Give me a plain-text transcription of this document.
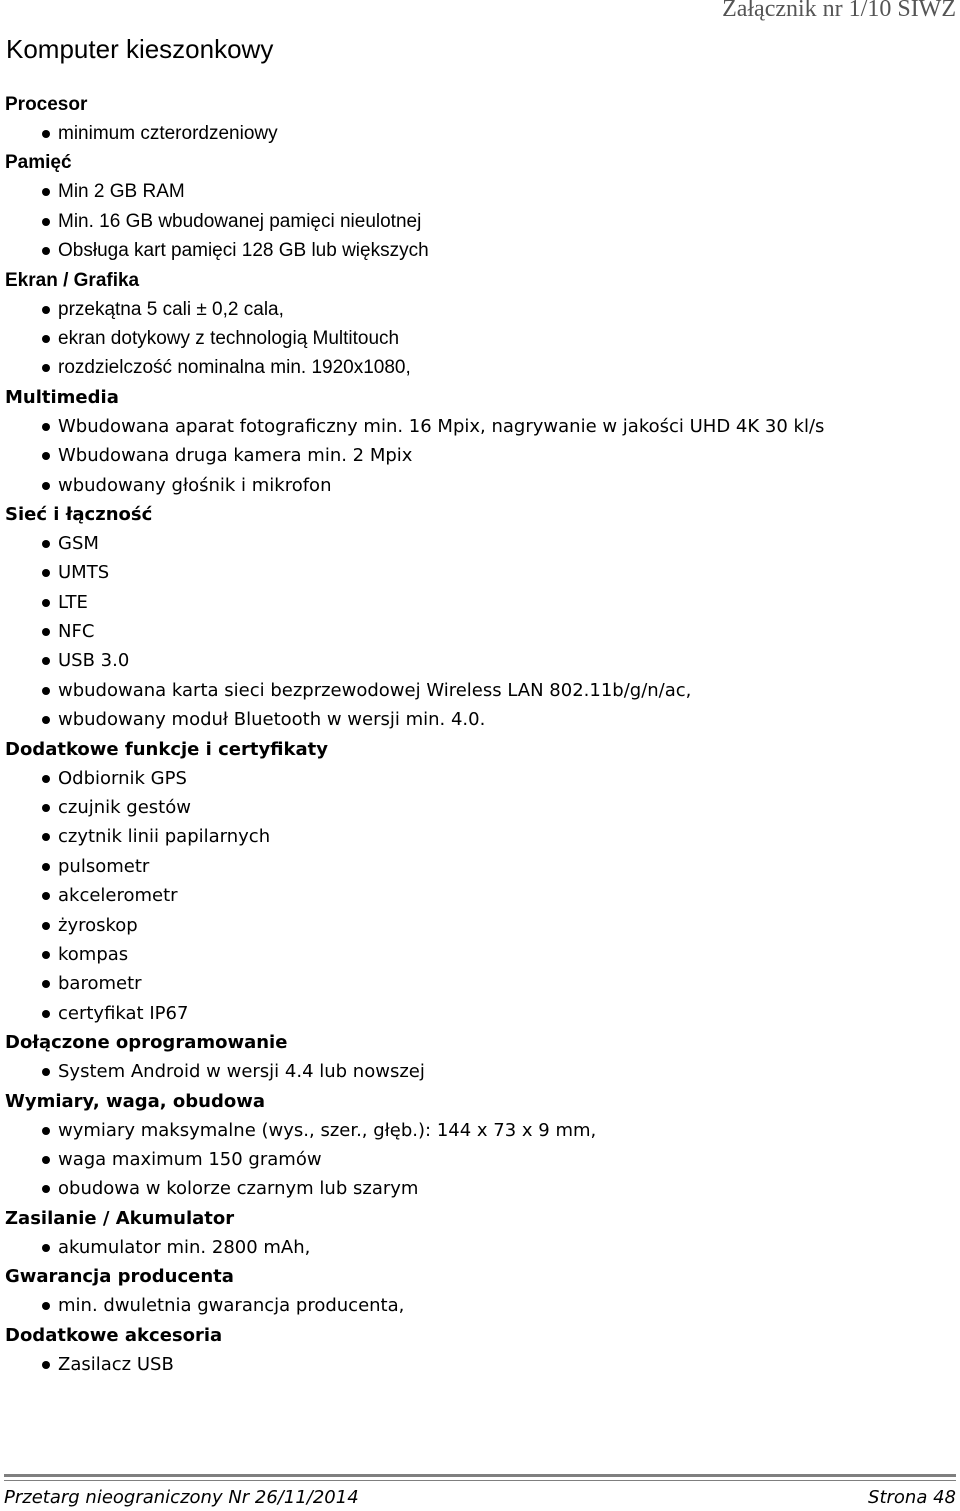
Załącznik nr 1/10 SIWZ
Komputer kieszonkowy
Procesor
minimum czterordzeniowy
Pamięć
Min 2 GB RAM
Min. 16 GB wbudowanej pamięci nieulotnej
Obsługa kart pamięci 128 GB lub większych
Ekran / Grafika
przekątna 5 cali ± 0,2 cala,
ekran dotykowy z technologią Multitouch
rozdzielczość nominalna min. 1920x1080,
Multimedia
Wbudowana aparat fotograficzny min. 16 Mpix, nagrywanie w jakości UHD 4K 30 kl/s
Wbudowana druga kamera min. 2 Mpix
wbudowany głośnik i mikrofon
Sieć i łączność
GSM
UMTS
LTE
NFC
USB 3.0
wbudowana karta sieci bezprzewodowej Wireless LAN 802.11b/g/n/ac,
wbudowany moduł Bluetooth w wersji min. 4.0.
Dodatkowe funkcje i certyfikaty
Odbiornik GPS
czujnik gestów
czytnik linii papilarnych
pulsometr
akcelerometr
żyroskop
kompas
barometr
certyfikat IP67
Dołączone oprogramowanie
System Android w wersji 4.4 lub nowszej
Wymiary, waga, obudowa
wymiary maksymalne (wys., szer., głęb.): 144 x 73 x 9 mm,
waga maximum 150 gramów
obudowa w kolorze czarnym lub szarym
Zasilanie / Akumulator
akumulator min. 2800 mAh,
Gwarancja producenta
min. dwuletnia gwarancja producenta,
Dodatkowe akcesoria
Zasilacz USB
Przetarg nieograniczony Nr 26/11/2014	Strona 48
